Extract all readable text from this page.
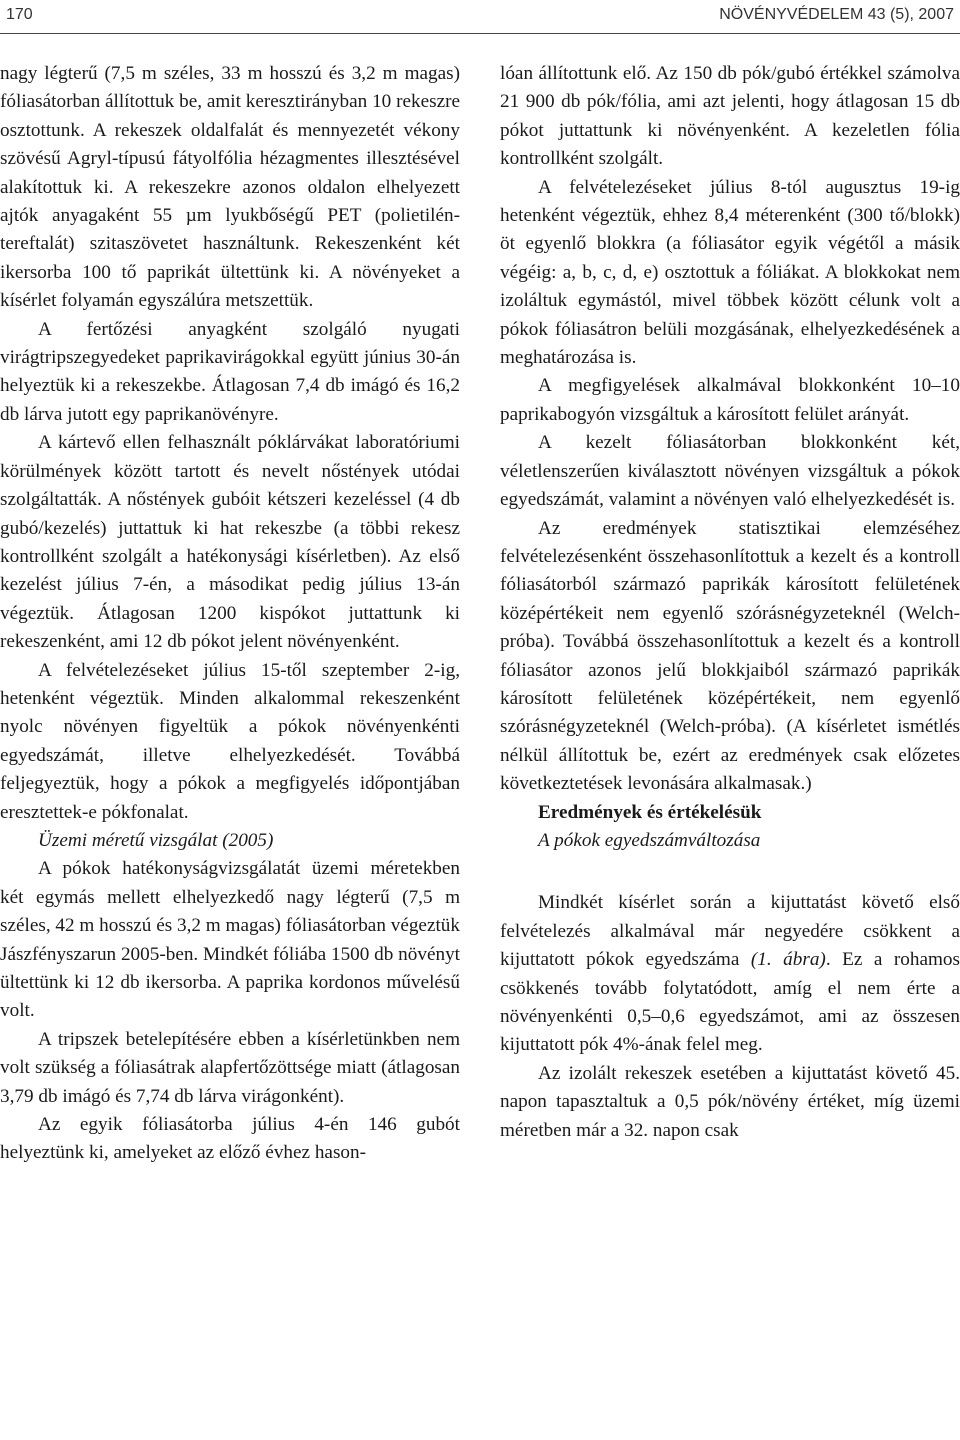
170	NÖVÉNYVÉDELEM 43 (5), 2007

nagy légterű (7,5 m széles, 33 m hosszú és 3,2 m magas) fóliasátorban állítottuk be, amit keresztirányban 10 rekeszre osztottunk. A rekeszek oldalfalát és mennyezetét vékony szövésű Agryl-típusú fátyolfólia hézagmentes illesztésével alakítottuk ki. A rekeszekre azonos oldalon elhelyezett ajtók anyagaként 55 µm lyukbőségű PET (polietilén-tereftalát) szitaszövetet használtunk. Rekeszenként két ikersorba 100 tő paprikát ültettünk ki. A növényeket a kísérlet folyamán egyszálúra metszettük.

A fertőzési anyagként szolgáló nyugati virágtripszegyedeket paprikavirágokkal együtt június 30-án helyeztük ki a rekeszekbe. Átlagosan 7,4 db imágó és 16,2 db lárva jutott egy paprikanövényre.

A kártevő ellen felhasznált póklárvákat laboratóriumi körülmények között tartott és nevelt nőstények utódai szolgáltatták. A nőstények gubóit kétszeri kezeléssel (4 db gubó/kezelés) juttattuk ki hat rekeszbe (a többi rekesz kontrollként szolgált a hatékonysági kísérletben). Az első kezelést július 7-én, a másodikat pedig július 13-án végeztük. Átlagosan 1200 kispókot juttattunk ki rekeszenként, ami 12 db pókot jelent növényenként.

A felvételezéseket július 15-től szeptember 2-ig, hetenként végeztük. Minden alkalommal rekeszenként nyolc növényen figyeltük a pókok növényenkénti egyedszámát, illetve elhelyezkedését. Továbbá feljegyeztük, hogy a pókok a megfigyelés időpontjában eresztettek-e pókfonalat.

Üzemi méretű vizsgálat (2005)

A pókok hatékonyságvizsgálatát üzemi méretekben két egymás mellett elhelyezkedő nagy légterű (7,5 m széles, 42 m hosszú és 3,2 m magas) fóliasátorban végeztük Jászfényszarun 2005-ben. Mindkét fóliába 1500 db növényt ültettünk ki 12 db ikersorba. A paprika kordonos művelésű volt.

A tripszek betelepítésére ebben a kísérletünkben nem volt szükség a fóliasátrak alapfertőzöttsége miatt (átlagosan 3,79 db imágó és 7,74 db lárva virágonként).

Az egyik fóliasátorba július 4-én 146 gubót helyeztünk ki, amelyeket az előző évhez hason-

lóan állítottunk elő. Az 150 db pók/gubó értékkel számolva 21 900 db pók/fólia, ami azt jelenti, hogy átlagosan 15 db pókot juttattunk ki növényenként. A kezeletlen fólia kontrollként szolgált.

A felvételezéseket július 8-tól augusztus 19-ig hetenként végeztük, ehhez 8,4 méterenként (300 tő/blokk) öt egyenlő blokkra (a fóliasátor egyik végétől a másik végéig: a, b, c, d, e) osztottuk a fóliákat. A blokkokat nem izoláltuk egymástól, mivel többek között célunk volt a pókok fóliasátron belüli mozgásának, elhelyezkedésének a meghatározása is.

A megfigyelések alkalmával blokkonként 10–10 paprikabogyón vizsgáltuk a károsított felület arányát.

A kezelt fóliasátorban blokkonként két, véletlenszerűen kiválasztott növényen vizsgáltuk a pókok egyedszámát, valamint a növényen való elhelyezkedését is.

Az eredmények statisztikai elemzéséhez felvételezésenként összehasonlítottuk a kezelt és a kontroll fóliasátorból származó paprikák károsított felületének középértékeit nem egyenlő szórásnégyzeteknél (Welch-próba). Továbbá összehasonlítottuk a kezelt és a kontroll fóliasátor azonos jelű blokkjaiból származó paprikák károsított felületének középértékeit, nem egyenlő szórásnégyzeteknél (Welch-próba). (A kísérletet ismétlés nélkül állítottuk be, ezért az eredmények csak előzetes következtetések levonására alkalmasak.)

Eredmények és értékelésük

A pókok egyedszámváltozása

Mindkét kísérlet során a kijuttatást követő első felvételezés alkalmával már negyedére csökkent a kijuttatott pókok egyedszáma (1. ábra). Ez a rohamos csökkenés tovább folytatódott, amíg el nem érte a növényenkénti 0,5–0,6 egyedszámot, ami az összesen kijuttatott pók 4%-ának felel meg.

Az izolált rekeszek esetében a kijuttatást követő 45. napon tapasztaltuk a 0,5 pók/növény értéket, míg üzemi méretben már a 32. napon csak
